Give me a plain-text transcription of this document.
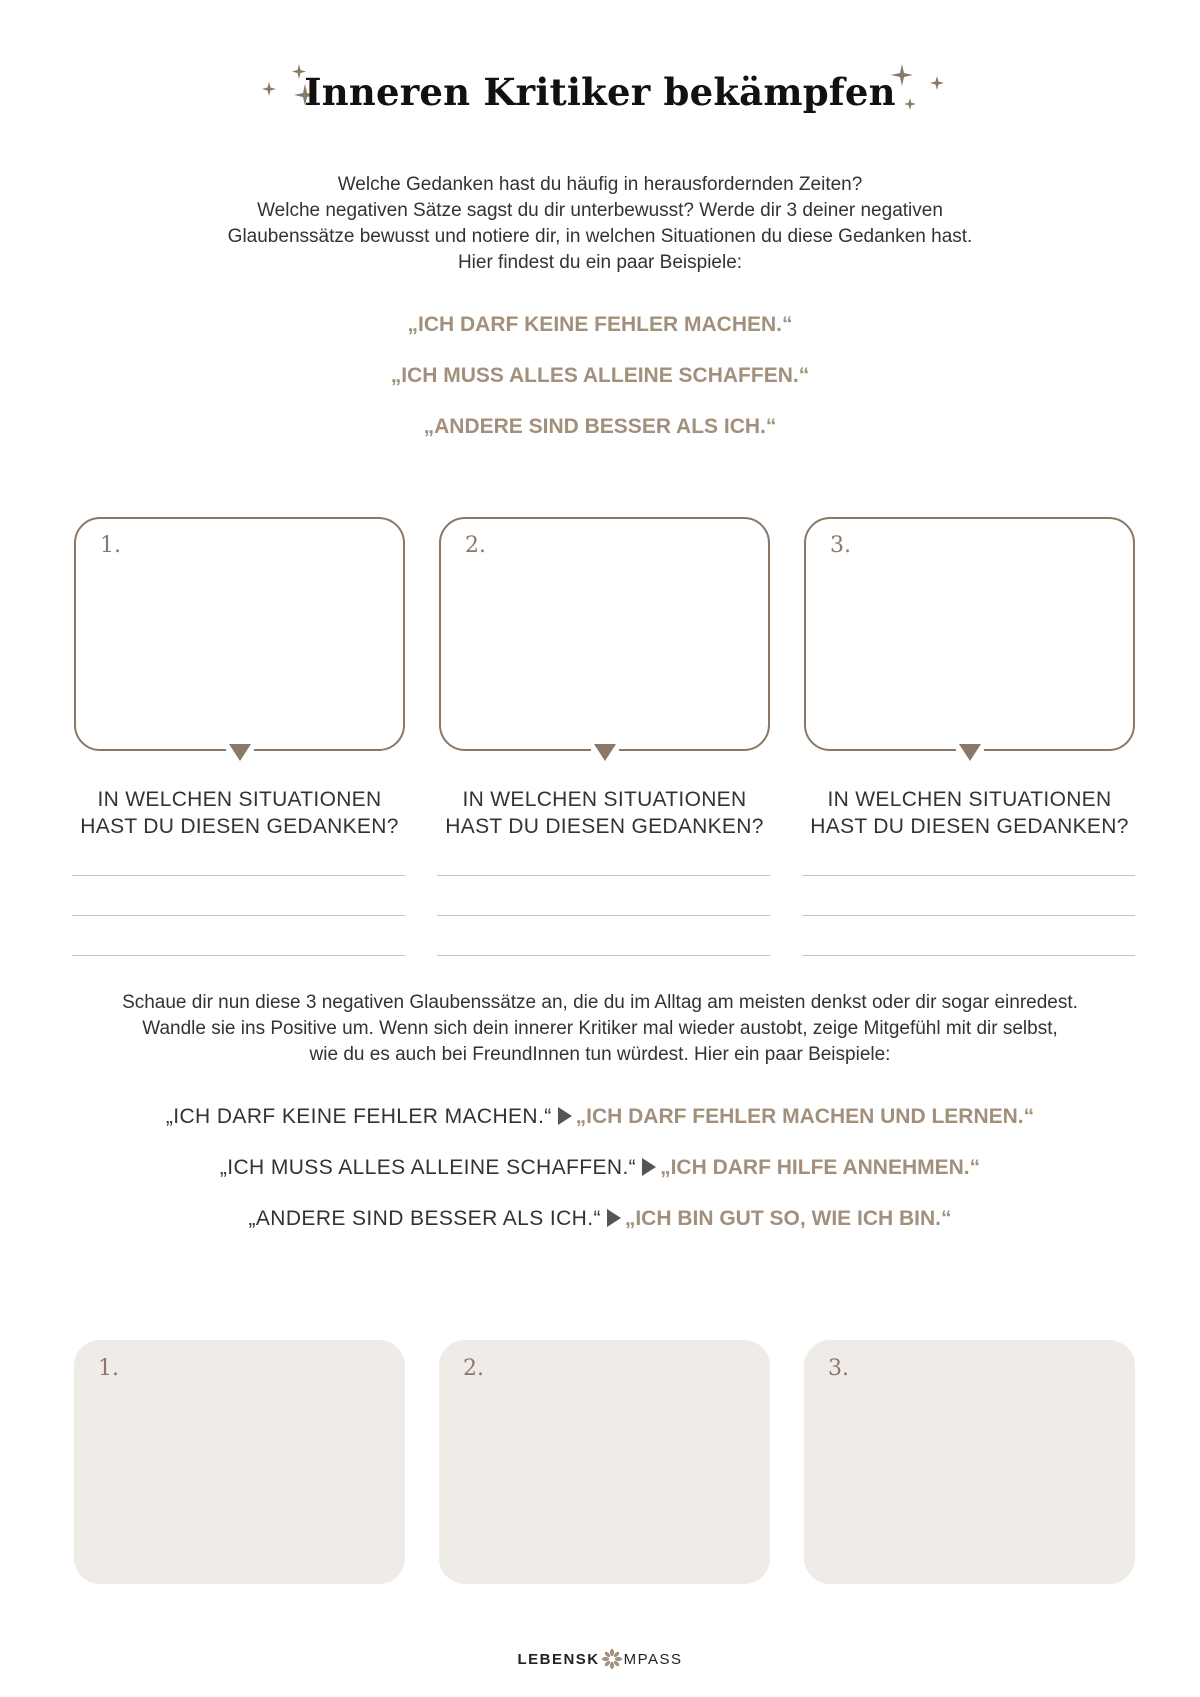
Inneren Kritiker bekämpfen
Welche Gedanken hast du häufig in herausfordernden Zeiten?
Welche negativen Sätze sagst du dir unterbewusst? Werde dir 3 deiner negativen
Glaubenssätze bewusst und notiere dir, in welchen Situationen du diese Gedanken hast.
Hier findest du ein paar Beispiele:
„ICH DARF KEINE FEHLER MACHEN.“
„ICH MUSS ALLES ALLEINE SCHAFFEN.“
„ANDERE SIND BESSER ALS ICH.“
1.	2.	3.
IN WELCHEN SITUATIONEN
HAST DU DIESEN GEDANKEN?
IN WELCHEN SITUATIONEN
HAST DU DIESEN GEDANKEN?
IN WELCHEN SITUATIONEN
HAST DU DIESEN GEDANKEN?
Schaue dir nun diese 3 negativen Glaubenssätze an, die du im Alltag am meisten denkst oder dir sogar einredest.
Wandle sie ins Positive um. Wenn sich dein innerer Kritiker mal wieder austobt, zeige Mitgefühl mit dir selbst,
wie du es auch bei FreundInnen tun würdest. Hier ein paar Beispiele:
„ICH DARF KEINE FEHLER MACHEN.“ „ICH DARF FEHLER MACHEN UND LERNEN.“
„ICH MUSS ALLES ALLEINE SCHAFFEN.“ „ICH DARF HILFE ANNEHMEN.“
„ANDERE SIND BESSER ALS ICH.“ „ICH BIN GUT SO, WIE ICH BIN.“
1.	2.	3.
LEBENSK MPASS
